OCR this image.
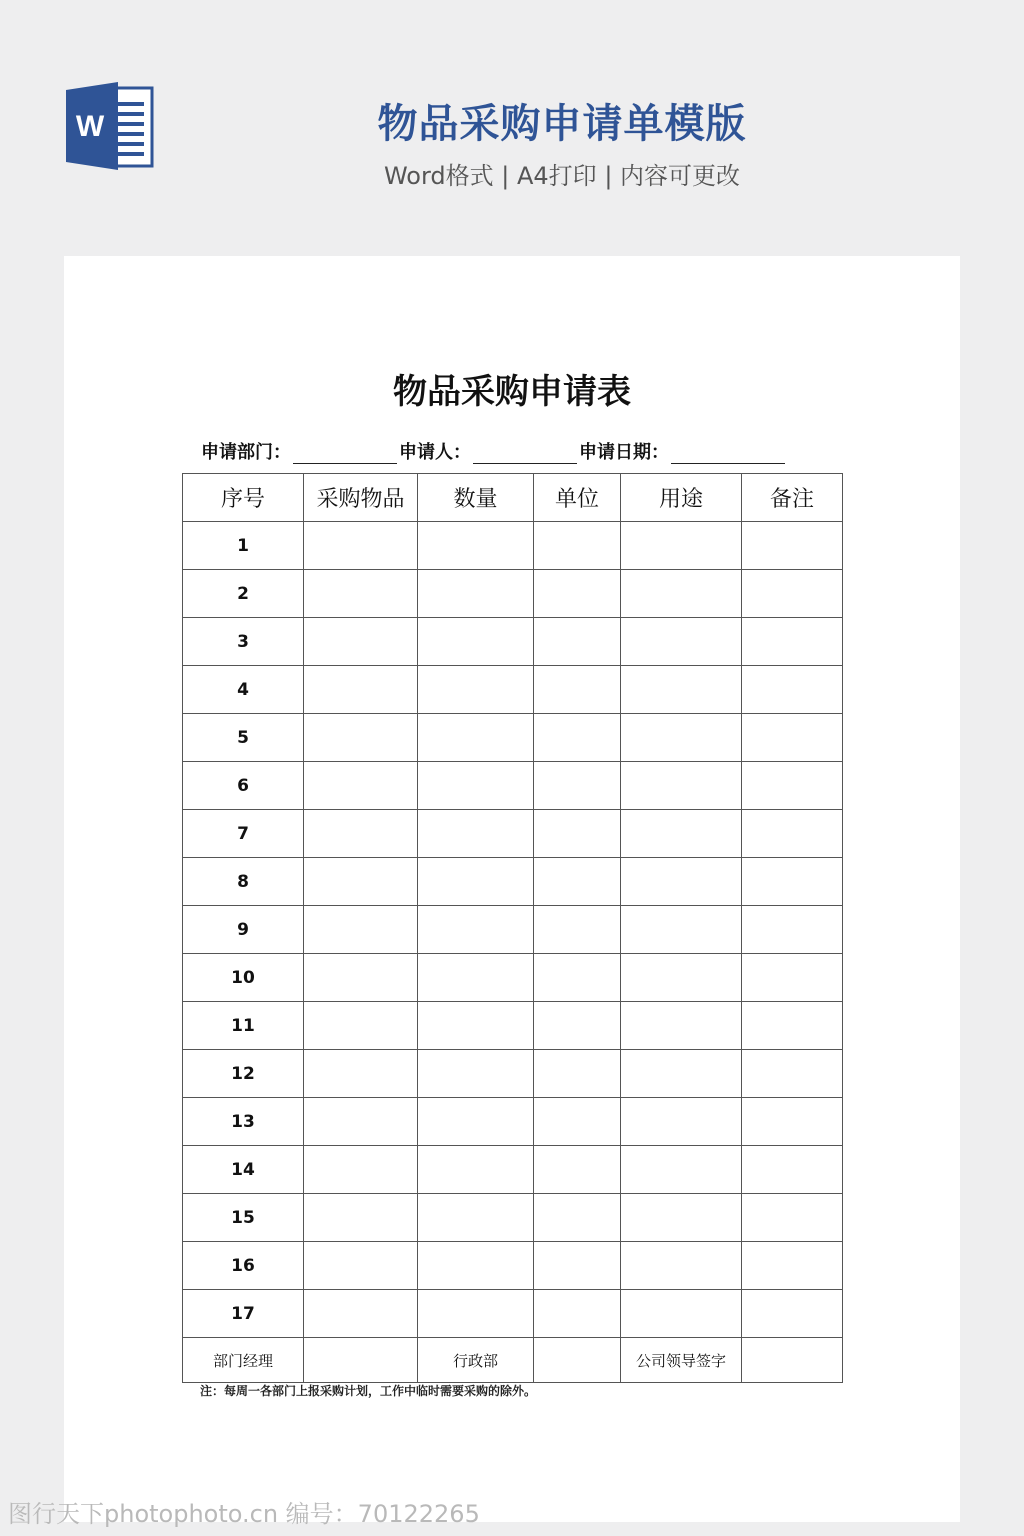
W	物品采购申请单模版
Word格式 | A4打印 | 内容可更改
物品采购申请表
申请部门：	申请人：	申请日期：
序号	采购物品	数量	单位	用途	备注
1					
2					
3					
4					
5					
6					
7					
8					
9					
10					
11					
12					
13					
14					
15					
16					
17					
部门经理		行政部		公司领导签字	
注：每周一各部门上报采购计划，工作中临时需要采购的除外。
图行天下photophoto.cn 编号：70122265
